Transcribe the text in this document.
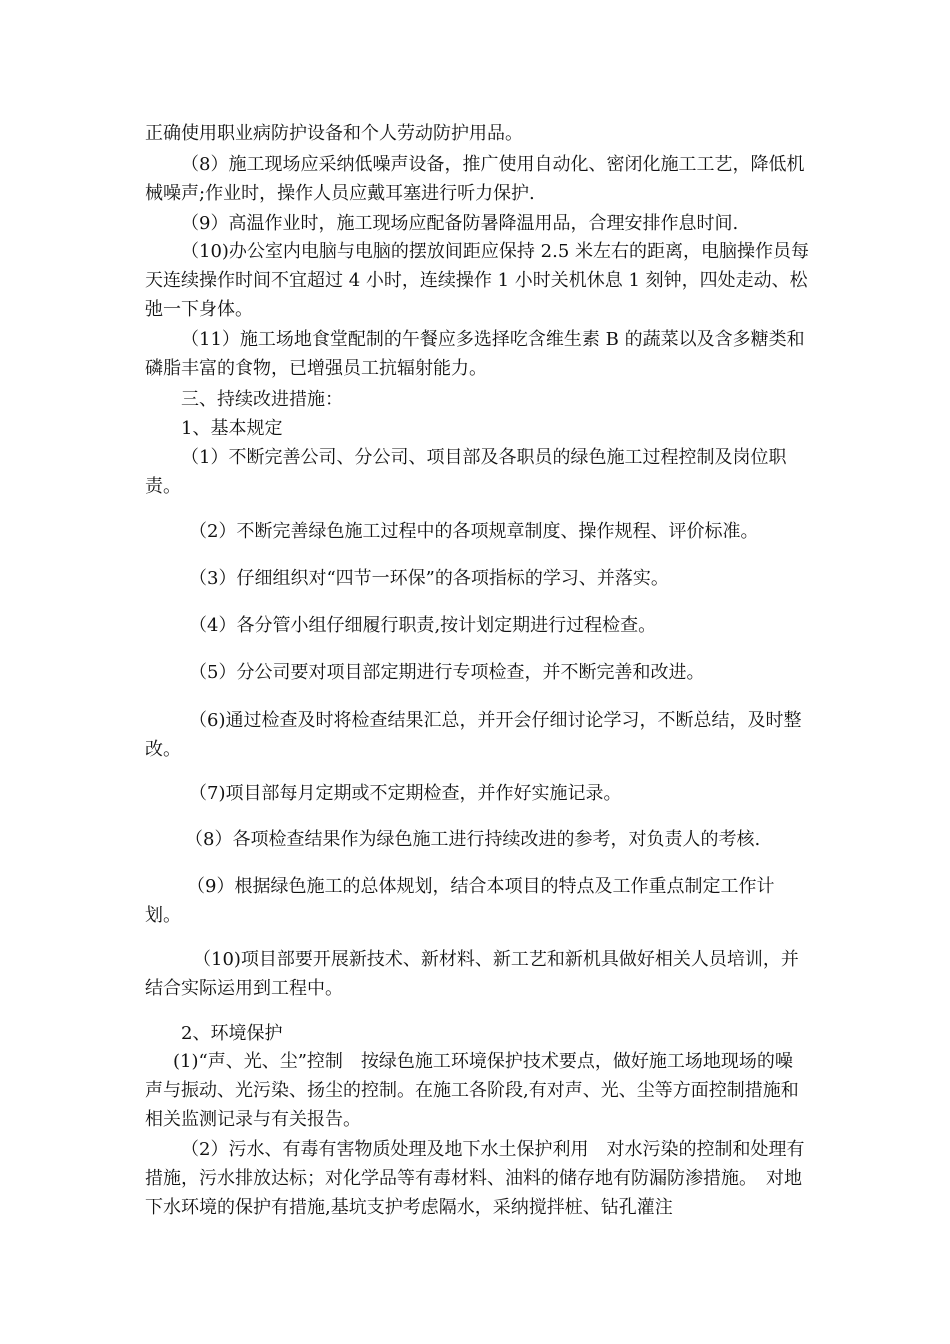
正确使用职业病防护设备和个人劳动防护用品。

（8）施工现场应采纳低噪声设备，推广使用自动化、密闭化施工工艺，降低机械噪声;作业时，操作人员应戴耳塞进行听力保护.

（9）高温作业时，施工现场应配备防暑降温用品，合理安排作息时间.

（10)办公室内电脑与电脑的摆放间距应保持 2.5 米左右的距离，电脑操作员每天连续操作时间不宜超过 4 小时，连续操作 1 小时关机休息 1 刻钟，四处走动、松弛一下身体。

（11）施工场地食堂配制的午餐应多选择吃含维生素 B 的蔬菜以及含多糖类和磷脂丰富的食物，已增强员工抗辐射能力。

三、持续改进措施：

1、基本规定

（1）不断完善公司、分公司、项目部及各职员的绿色施工过程控制及岗位职责。

（2）不断完善绿色施工过程中的各项规章制度、操作规程、评价标准。

（3）仔细组织对“四节一环保”的各项指标的学习、并落实。

（4）各分管小组仔细履行职责,按计划定期进行过程检查。

（5）分公司要对项目部定期进行专项检查，并不断完善和改进。

（6)通过检查及时将检查结果汇总，并开会仔细讨论学习，不断总结，及时整改。

（7)项目部每月定期或不定期检查，并作好实施记录。

（8）各项检查结果作为绿色施工进行持续改进的参考，对负责人的考核.

（9）根据绿色施工的总体规划，结合本项目的特点及工作重点制定工作计划。

（10)项目部要开展新技术、新材料、新工艺和新机具做好相关人员培训，并结合实际运用到工程中。

2、环境保护

(1)“声、光、尘”控制　按绿色施工环境保护技术要点，做好施工场地现场的噪声与振动、光污染、扬尘的控制。在施工各阶段,有对声、光、尘等方面控制措施和相关监测记录与有关报告。

（2）污水、有毒有害物质处理及地下水土保护利用　对水污染的控制和处理有措施，污水排放达标；对化学品等有毒材料、油料的储存地有防漏防渗措施。　对地下水环境的保护有措施,基坑支护考虑隔水，采纳搅拌桩、钻孔灌注
